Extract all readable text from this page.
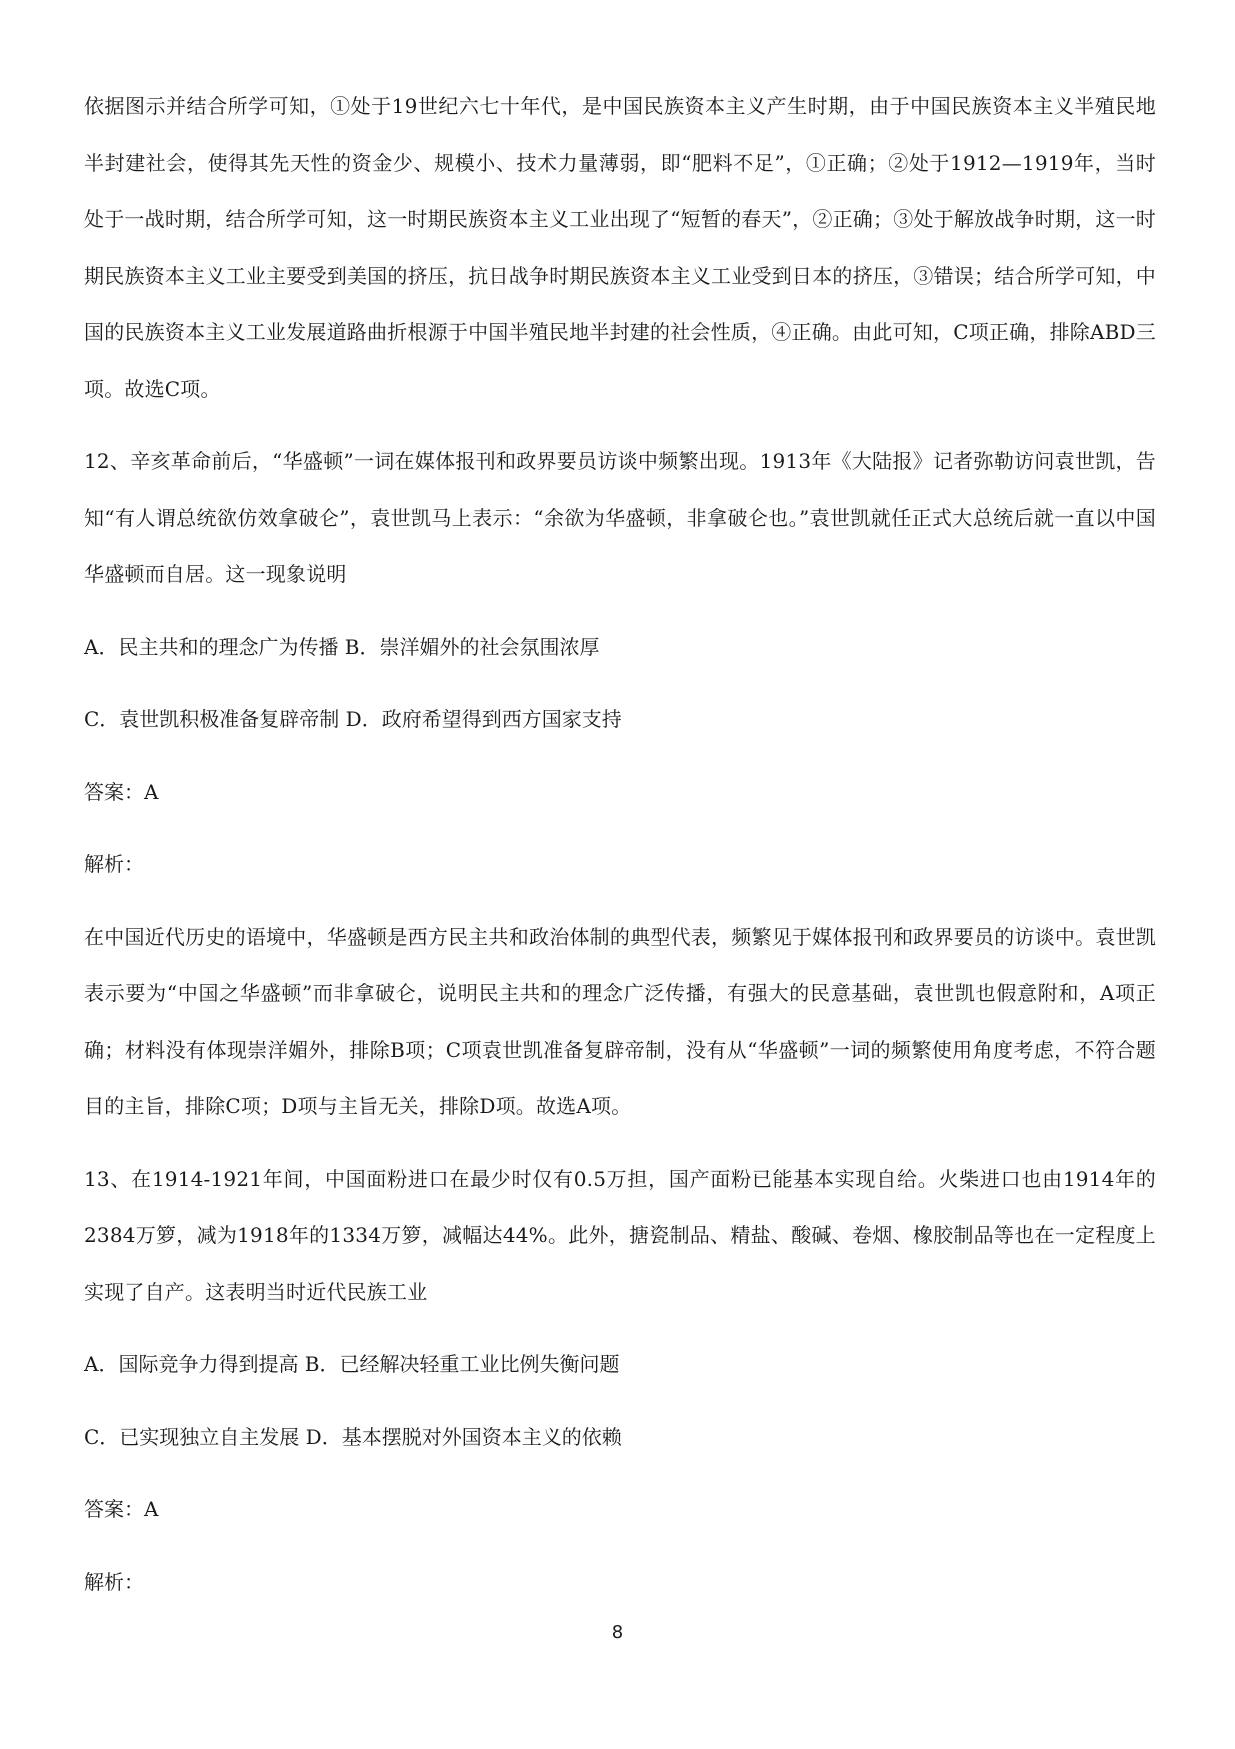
依据图示并结合所学可知，①处于19世纪六七十年代，是中国民族资本主义产生时期，由于中国民族资本主义半殖民地半封建社会，使得其先天性的资金少、规模小、技术力量薄弱，即“肥料不足”，①正确；②处于1912—1919年，当时处于一战时期，结合所学可知，这一时期民族资本主义工业出现了“短暂的春天”，②正确；③处于解放战争时期，这一时期民族资本主义工业主要受到美国的挤压，抗日战争时期民族资本主义工业受到日本的挤压，③错误；结合所学可知，中国的民族资本主义工业发展道路曲折根源于中国半殖民地半封建的社会性质，④正确。由此可知，C项正确，排除ABD三项。故选C项。

12、辛亥革命前后，“华盛顿”一词在媒体报刊和政界要员访谈中频繁出现。1913年《大陆报》记者弥勒访问袁世凯，告知“有人谓总统欲仿效拿破仑”，袁世凯马上表示：“余欲为华盛顿，非拿破仑也。”袁世凯就任正式大总统后就一直以中国华盛顿而自居。这一现象说明

A．民主共和的理念广为传播 B．崇洋媚外的社会氛围浓厚

C．袁世凯积极准备复辟帝制 D．政府希望得到西方国家支持

答案：A

解析：

在中国近代历史的语境中，华盛顿是西方民主共和政治体制的典型代表，频繁见于媒体报刊和政界要员的访谈中。袁世凯表示要为“中国之华盛顿”而非拿破仑，说明民主共和的理念广泛传播，有强大的民意基础，袁世凯也假意附和，A项正确；材料没有体现崇洋媚外，排除B项；C项袁世凯准备复辟帝制，没有从“华盛顿”一词的频繁使用角度考虑，不符合题目的主旨，排除C项；D项与主旨无关，排除D项。故选A项。

13、在1914-1921年间，中国面粉进口在最少时仅有0.5万担，国产面粉已能基本实现自给。火柴进口也由1914年的2384万箩，减为1918年的1334万箩，减幅达44%。此外，搪瓷制品、精盐、酸碱、卷烟、橡胶制品等也在一定程度上实现了自产。这表明当时近代民族工业

A．国际竞争力得到提高 B．已经解决轻重工业比例失衡问题

C．已实现独立自主发展 D．基本摆脱对外国资本主义的依赖

答案：A

解析：

8
